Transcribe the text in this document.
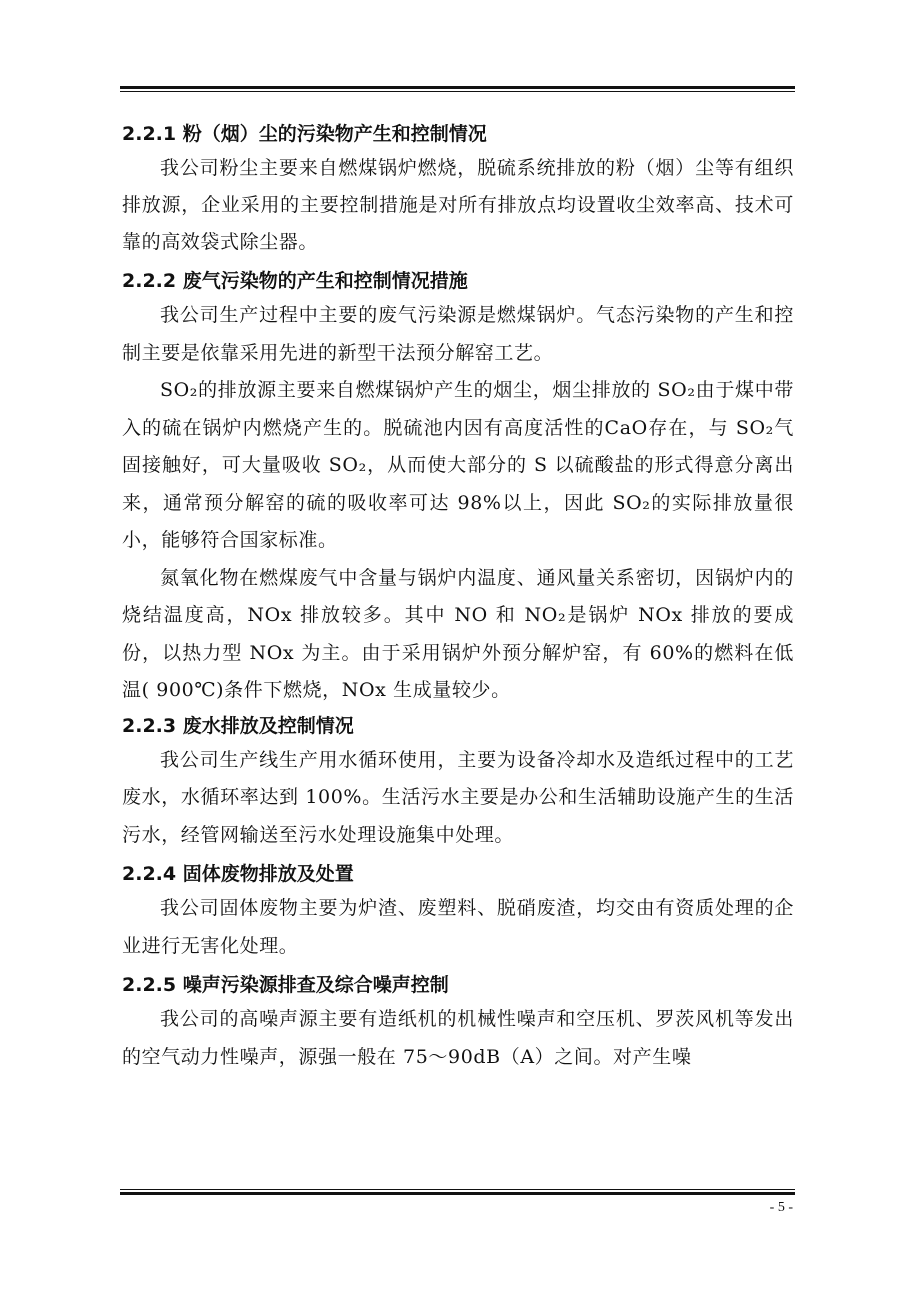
2.2.1 粉（烟）尘的污染物产生和控制情况

我公司粉尘主要来自燃煤锅炉燃烧，脱硫系统排放的粉（烟）尘等有组织排放源，企业采用的主要控制措施是对所有排放点均设置收尘效率高、技术可靠的高效袋式除尘器。

2.2.2 废气污染物的产生和控制情况措施

我公司生产过程中主要的废气污染源是燃煤锅炉。气态污染物的产生和控制主要是依靠采用先进的新型干法预分解窑工艺。

SO₂的排放源主要来自燃煤锅炉产生的烟尘，烟尘排放的 SO₂由于煤中带入的硫在锅炉内燃烧产生的。脱硫池内因有高度活性的CaO存在，与 SO₂气固接触好，可大量吸收 SO₂，从而使大部分的 S 以硫酸盐的形式得意分离出来，通常预分解窑的硫的吸收率可达 98%以上，因此 SO₂的实际排放量很小，能够符合国家标准。

氮氧化物在燃煤废气中含量与锅炉内温度、通风量关系密切，因锅炉内的烧结温度高，NOx 排放较多。其中 NO 和 NO₂是锅炉 NOx 排放的要成份，以热力型 NOx 为主。由于采用锅炉外预分解炉窑，有 60%的燃料在低温( 900℃)条件下燃烧，NOx 生成量较少。

2.2.3 废水排放及控制情况

我公司生产线生产用水循环使用，主要为设备冷却水及造纸过程中的工艺废水，水循环率达到 100%。生活污水主要是办公和生活辅助设施产生的生活污水，经管网输送至污水处理设施集中处理。

2.2.4 固体废物排放及处置

我公司固体废物主要为炉渣、废塑料、脱硝废渣，均交由有资质处理的企业进行无害化处理。

2.2.5 噪声污染源排查及综合噪声控制

我公司的高噪声源主要有造纸机的机械性噪声和空压机、罗茨风机等发出的空气动力性噪声，源强一般在 75～90dB（A）之间。对产生噪

- 5 -
